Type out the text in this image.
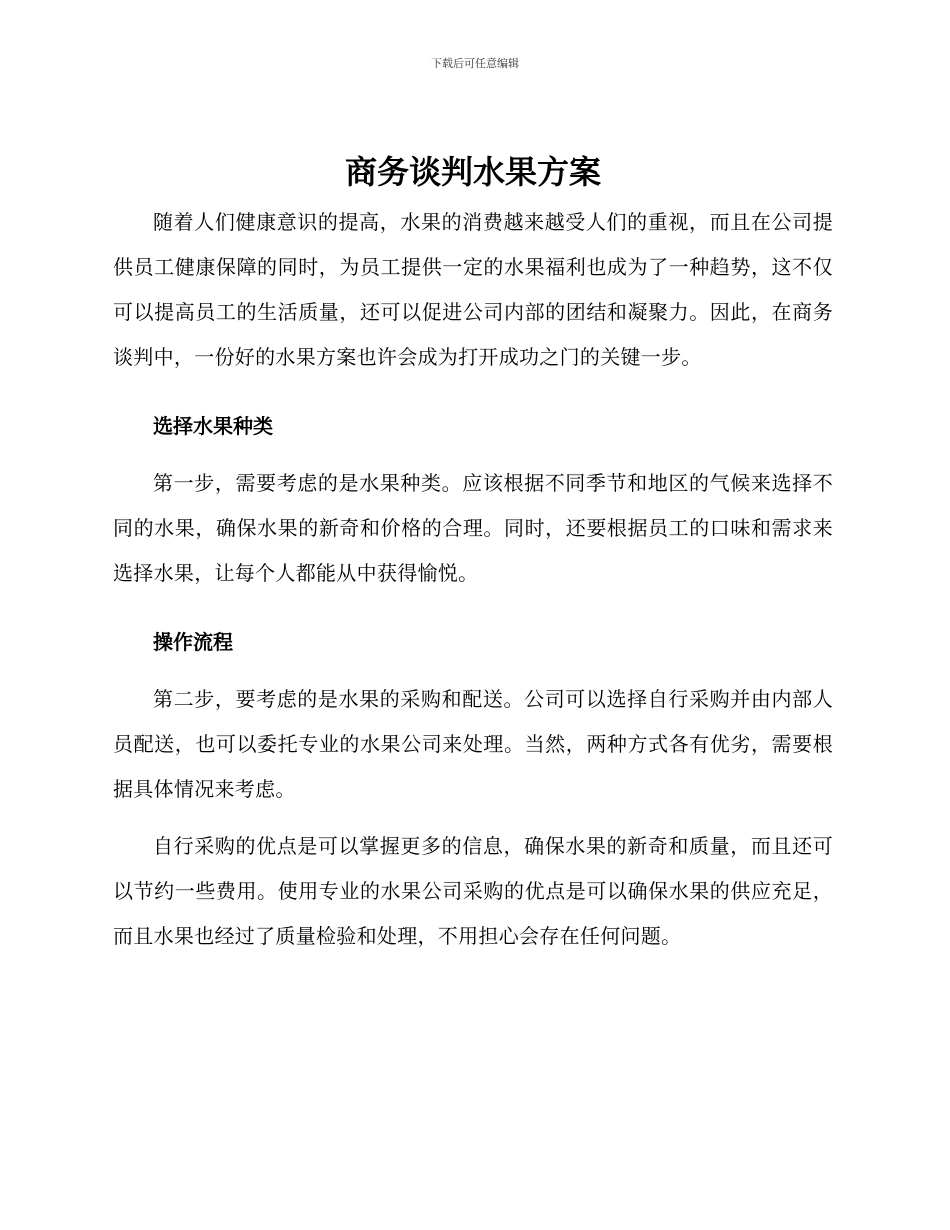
下载后可任意编辑
商务谈判水果方案

随着人们健康意识的提高，水果的消费越来越受人们的重视，而且在公司提供员工健康保障的同时，为员工提供一定的水果福利也成为了一种趋势，这不仅可以提高员工的生活质量，还可以促进公司内部的团结和凝聚力。因此，在商务谈判中，一份好的水果方案也许会成为打开成功之门的关键一步。

选择水果种类

第一步，需要考虑的是水果种类。应该根据不同季节和地区的气候来选择不同的水果，确保水果的新奇和价格的合理。同时，还要根据员工的口味和需求来选择水果，让每个人都能从中获得愉悦。

操作流程

第二步，要考虑的是水果的采购和配送。公司可以选择自行采购并由内部人员配送，也可以委托专业的水果公司来处理。当然，两种方式各有优劣，需要根据具体情况来考虑。

自行采购的优点是可以掌握更多的信息，确保水果的新奇和质量，而且还可以节约一些费用。使用专业的水果公司采购的优点是可以确保水果的供应充足，而且水果也经过了质量检验和处理，不用担心会存在任何问题。
